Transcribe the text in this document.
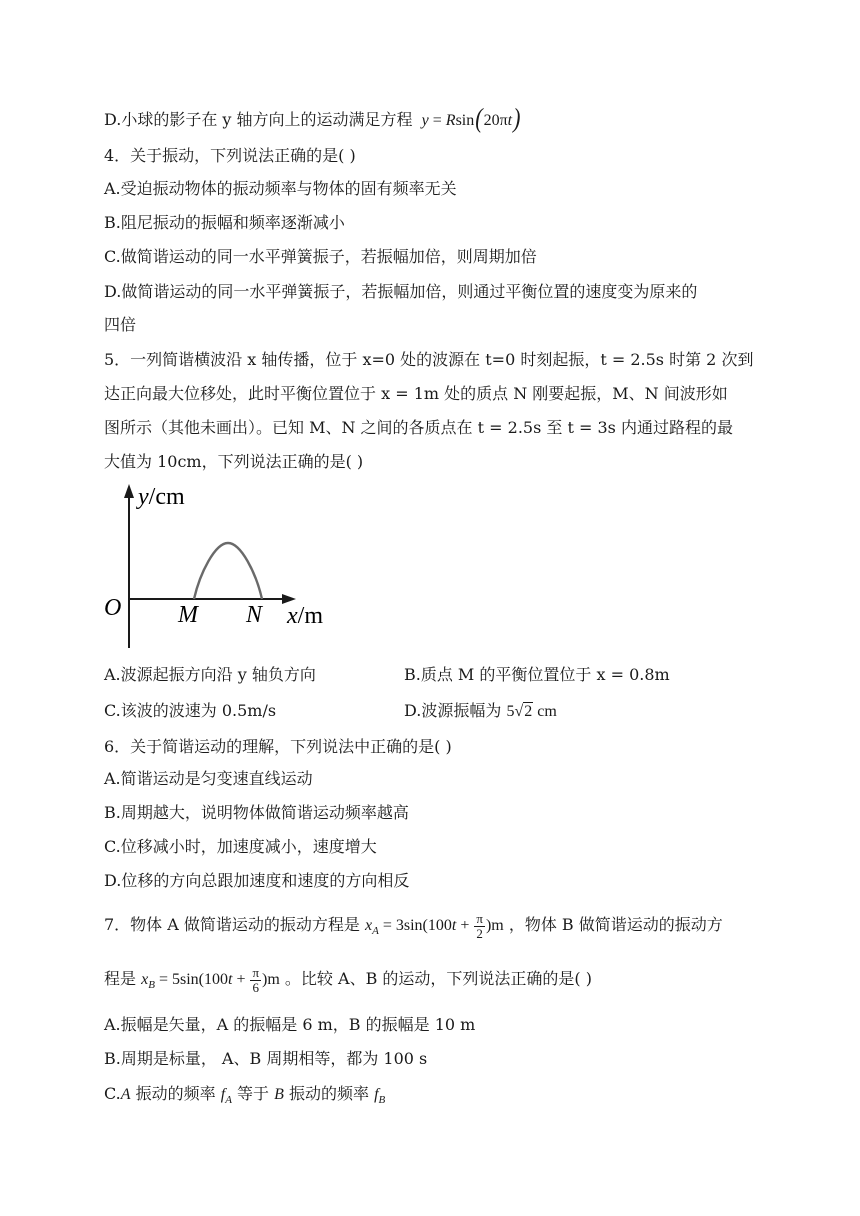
D.小球的影子在 y 轴方向上的运动满足方程  y = Rsin(20πt)
4．关于振动，下列说法正确的是( )
A.受迫振动物体的振动频率与物体的固有频率无关
B.阻尼振动的振幅和频率逐渐减小
C.做简谐运动的同一水平弹簧振子，若振幅加倍，则周期加倍
D.做简谐运动的同一水平弹簧振子，若振幅加倍，则通过平衡位置的速度变为原来的
四倍
5．一列简谐横波沿 x 轴传播，位于 x=0 处的波源在 t=0 时刻起振，t = 2.5s 时第 2 次到
达正向最大位移处，此时平衡位置位于 x = 1m 处的质点 N 刚要起振，M、N 间波形如
图所示（其他未画出）。已知 M、N 之间的各质点在 t = 2.5s 至 t = 3s 内通过路程的最
大值为 10cm，下列说法正确的是( )
y/cm
O M N x/m
A.波源起振方向沿 y 轴负方向	B.质点 M 的平衡位置位于 x = 0.8m
C.该波的波速为 0.5m/s	D.波源振幅为 5√2 cm
6．关于简谐运动的理解，下列说法中正确的是( )
A.简谐运动是匀变速直线运动
B.周期越大，说明物体做简谐运动频率越高
C.位移减小时，加速度减小，速度增大
D.位移的方向总跟加速度和速度的方向相反
7．物体 A 做简谐运动的振动方程是 $x_A = 3\sin(100t + \frac{\pi}{2} )m$ ，物体 B 做简谐运动的振动方
程是 $x_B = 5\sin(100t + \frac{\pi}{6} )m$ 。比较 A、B 的运动，下列说法正确的是( )
A.振幅是矢量，A 的振幅是 6 m，B 的振幅是 10 m
B.周期是标量， A、B 周期相等，都为 100 s
C.A 振动的频率 $f_A$ 等于 B 振动的频率 $f_B$
